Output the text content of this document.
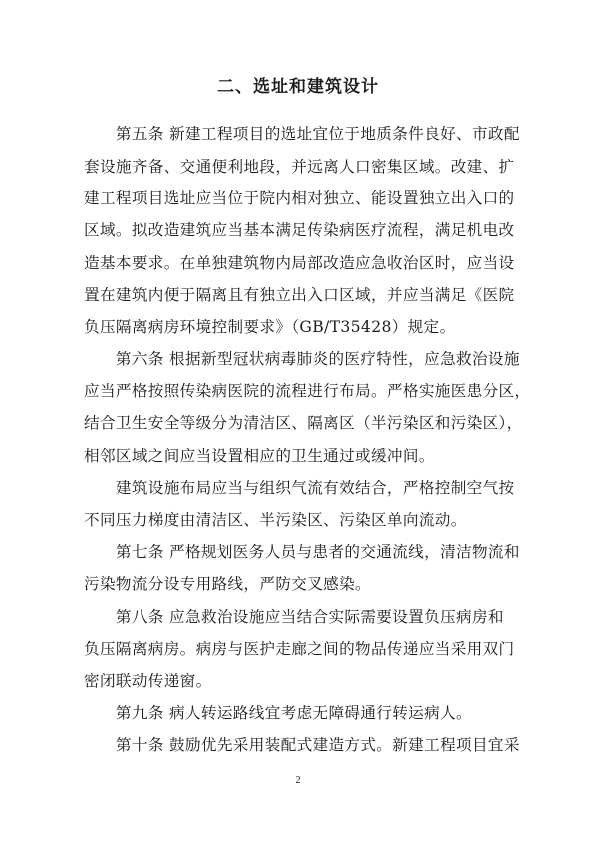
二、选址和建筑设计
　　第五条 新建工程项目的选址宜位于地质条件良好、市政配
套设施齐备、交通便利地段，并远离人口密集区域。改建、扩
建工程项目选址应当位于院内相对独立、能设置独立出入口的
区域。拟改造建筑应当基本满足传染病医疗流程，满足机电改
造基本要求。在单独建筑物内局部改造应急收治区时，应当设
置在建筑内便于隔离且有独立出入口区域，并应当满足《医院
负压隔离病房环境控制要求》（GB/T35428）规定。
　　第六条 根据新型冠状病毒肺炎的医疗特性，应急救治设施
应当严格按照传染病医院的流程进行布局。严格实施医患分区，
结合卫生安全等级分为清洁区、隔离区（半污染区和污染区），
相邻区域之间应当设置相应的卫生通过或缓冲间。
　　建筑设施布局应当与组织气流有效结合，严格控制空气按
不同压力梯度由清洁区、半污染区、污染区单向流动。
　　第七条 严格规划医务人员与患者的交通流线，清洁物流和
污染物流分设专用路线，严防交叉感染。
　　第八条 应急救治设施应当结合实际需要设置负压病房和
负压隔离病房。病房与医护走廊之间的物品传递应当采用双门
密闭联动传递窗。
　　第九条 病人转运路线宜考虑无障碍通行转运病人。
　　第十条 鼓励优先采用装配式建造方式。新建工程项目宜采
2
